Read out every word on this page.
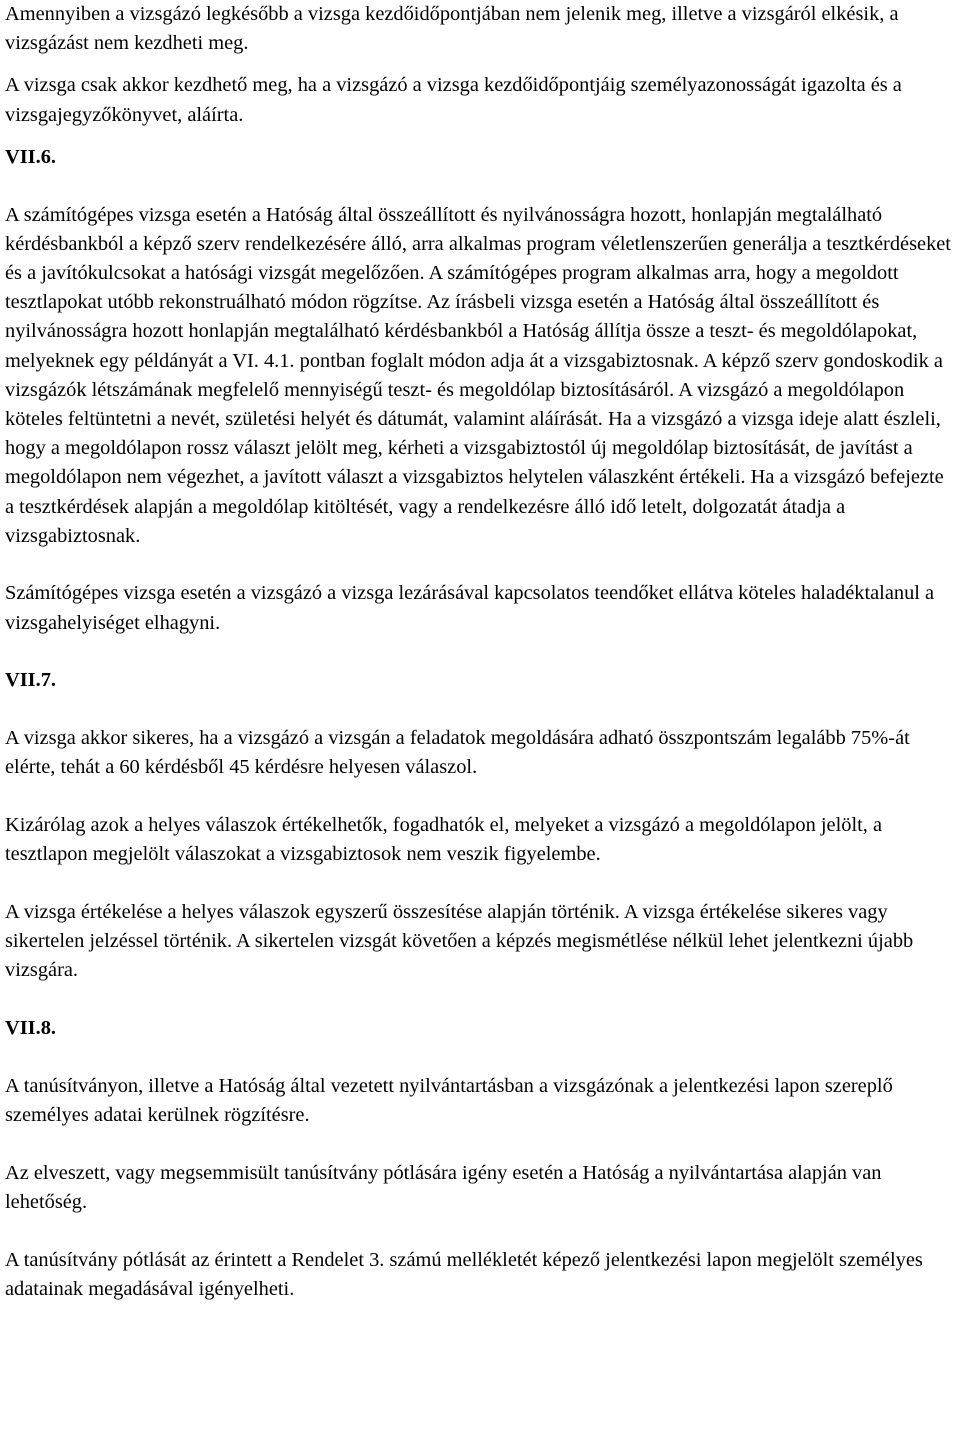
Amennyiben a vizsgázó legkésőbb a vizsga kezdőidőpontjában nem jelenik meg, illetve a vizsgáról elkésik, a vizsgázást nem kezdheti meg.

A vizsga csak akkor kezdhető meg, ha a vizsgázó a vizsga kezdőidőpontjáig személyazonosságát igazolta és a vizsgajegyzőkönyvet, aláírta.

VII.6.

A számítógépes vizsga esetén a Hatóság által összeállított és nyilvánosságra hozott, honlapján megtalálható kérdésbankból a képző szerv rendelkezésére álló, arra alkalmas program véletlenszerűen generálja a tesztkérdéseket és a javítókulcsokat a hatósági vizsgát megelőzően. A számítógépes program alkalmas arra, hogy a megoldott tesztlapokat utóbb rekonstruálható módon rögzítse. Az írásbeli vizsga esetén a Hatóság által összeállított és nyilvánosságra hozott honlapján megtalálható kérdésbankból a Hatóság állítja össze a teszt- és megoldólapokat, melyeknek egy példányát a VI. 4.1. pontban foglalt módon adja át a vizsgabiztosnak. A képző szerv gondoskodik a vizsgázók létszámának megfelelő mennyiségű teszt- és megoldólap biztosításáról. A vizsgázó a megoldólapon köteles feltüntetni a nevét, születési helyét és dátumát, valamint aláírását. Ha a vizsgázó a vizsga ideje alatt észleli, hogy a megoldólapon rossz választ jelölt meg, kérheti a vizsgabiztostól új megoldólap biztosítását, de javítást a megoldólapon nem végezhet, a javított választ a vizsgabiztos helytelen válaszként értékeli. Ha a vizsgázó befejezte a tesztkérdések alapján a megoldólap kitöltését, vagy a rendelkezésre álló idő letelt, dolgozatát átadja a vizsgabiztosnak.

Számítógépes vizsga esetén a vizsgázó a vizsga lezárásával kapcsolatos teendőket ellátva köteles haladéktalanul a vizsgahelyiséget elhagyni.

VII.7.

A vizsga akkor sikeres, ha a vizsgázó a vizsgán a feladatok megoldására adható összpontszám legalább 75%-át elérte, tehát a 60 kérdésből 45 kérdésre helyesen válaszol.

Kizárólag azok a helyes válaszok értékelhetők, fogadhatók el, melyeket a vizsgázó a megoldólapon jelölt, a tesztlapon megjelölt válaszokat a vizsgabiztosok nem veszik figyelembe.

A vizsga értékelése a helyes válaszok egyszerű összesítése alapján történik. A vizsga értékelése sikeres vagy sikertelen jelzéssel történik. A sikertelen vizsgát követően a képzés megismétlése nélkül lehet jelentkezni újabb vizsgára.

VII.8.

A tanúsítványon, illetve a Hatóság által vezetett nyilvántartásban a vizsgázónak a jelentkezési lapon szereplő személyes adatai kerülnek rögzítésre.

Az elveszett, vagy megsemmisült tanúsítvány pótlására igény esetén a Hatóság a nyilvántartása alapján van lehetőség.

A tanúsítvány pótlását az érintett a Rendelet 3. számú mellékletét képező jelentkezési lapon megjelölt személyes adatainak megadásával igényelheti.
